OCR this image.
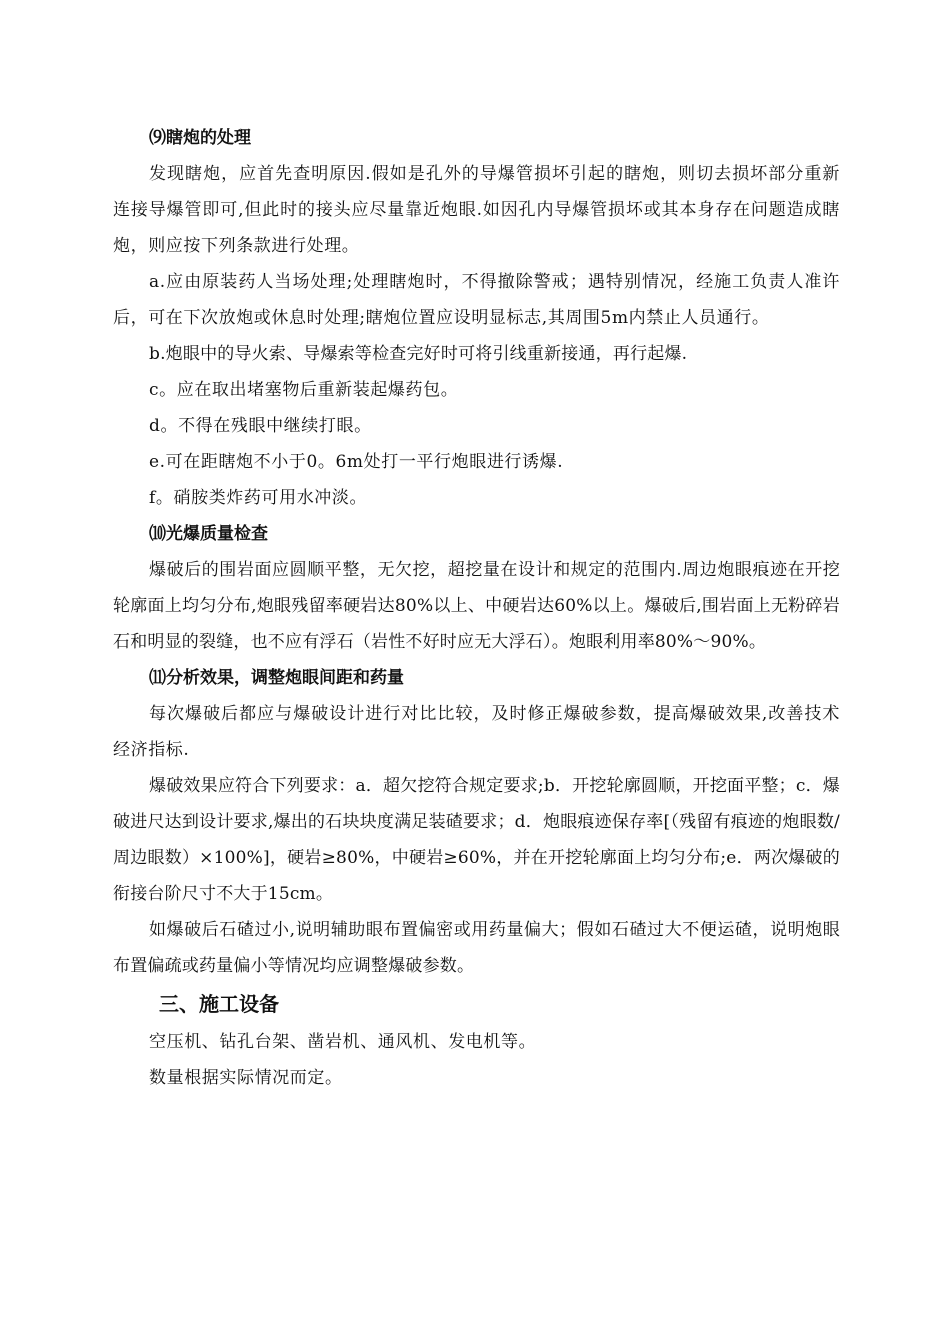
⑼瞎炮的处理

发现瞎炮，应首先查明原因.假如是孔外的导爆管损坏引起的瞎炮，则切去损坏部分重新连接导爆管即可,但此时的接头应尽量靠近炮眼.如因孔内导爆管损坏或其本身存在问题造成瞎炮，则应按下列条款进行处理。

a.应由原装药人当场处理;处理瞎炮时，不得撤除警戒；遇特别情况，经施工负责人准许后，可在下次放炮或休息时处理;瞎炮位置应设明显标志,其周围5m内禁止人员通行。

b.炮眼中的导火索、导爆索等检查完好时可将引线重新接通，再行起爆.

c。应在取出堵塞物后重新装起爆药包。

d。不得在残眼中继续打眼。

e.可在距瞎炮不小于0。6m处打一平行炮眼进行诱爆.

f。硝胺类炸药可用水冲淡。

⑽光爆质量检查

爆破后的围岩面应圆顺平整，无欠挖，超挖量在设计和规定的范围内.周边炮眼痕迹在开挖轮廓面上均匀分布,炮眼残留率硬岩达80%以上、中硬岩达60%以上。爆破后,围岩面上无粉碎岩石和明显的裂缝，也不应有浮石（岩性不好时应无大浮石）。炮眼利用率80%～90%。

⑾分析效果，调整炮眼间距和药量

每次爆破后都应与爆破设计进行对比比较，及时修正爆破参数，提高爆破效果,改善技术经济指标.

爆破效果应符合下列要求：a．超欠挖符合规定要求;b．开挖轮廓圆顺，开挖面平整；c．爆破进尺达到设计要求,爆出的石块块度满足装碴要求；d．炮眼痕迹保存率[（残留有痕迹的炮眼数/周边眼数）×100%]，硬岩≥80%，中硬岩≥60%，并在开挖轮廓面上均匀分布;e．两次爆破的衔接台阶尺寸不大于15cm。

如爆破后石碴过小,说明辅助眼布置偏密或用药量偏大；假如石碴过大不便运碴，说明炮眼布置偏疏或药量偏小等情况均应调整爆破参数。

三、施工设备

空压机、钻孔台架、凿岩机、通风机、发电机等。

数量根据实际情况而定。
